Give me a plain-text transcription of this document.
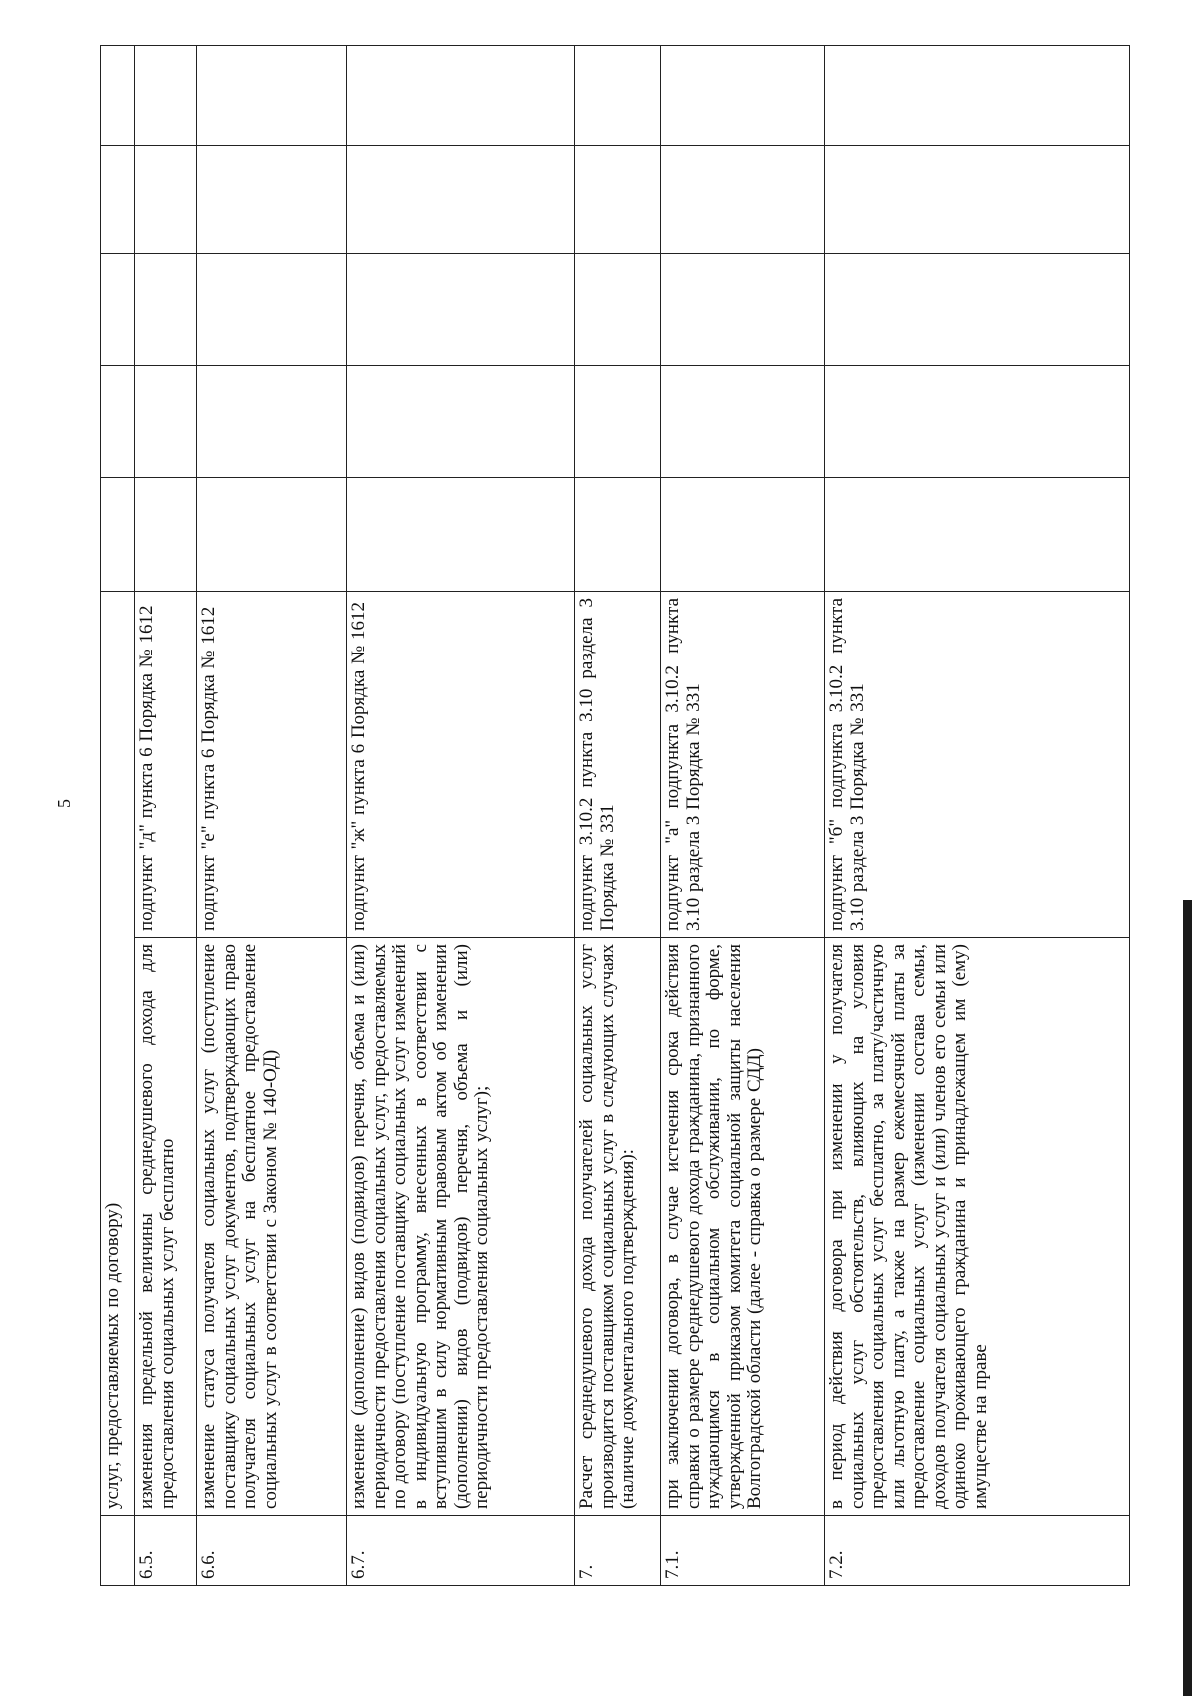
5
	услуг, предоставляемых по договору)						
6.5.	изменения предельной величины среднедушевого дохода для предоставления социальных услуг бесплатно	подпункт "д" пункта 6 Порядка № 1612					
6.6.	изменение статуса получателя социальных услуг (поступление поставщику социальных услуг документов, подтверждающих право получателя социальных услуг на бесплатное предоставление социальных услуг в соответствии с Законом № 140-ОД)	подпункт "е" пункта 6 Порядка № 1612					
6.7.	изменение (дополнение) видов (подвидов) перечня, объема и (или) периодичности предоставления социальных услуг, предоставляемых по договору (поступление поставщику социальных услуг изменений в индивидуальную программу, внесенных в соответствии с вступившим в силу нормативным правовым актом об изменении (дополнении) видов (подвидов) перечня, объема и (или) периодичности предоставления социальных услуг);	подпункт "ж" пункта 6 Порядка № 1612					
7.	Расчет среднедушевого дохода получателей социальных услуг производится поставщиком социальных услуг в следующих случаях (наличие документального подтверждения):	подпункт 3.10.2 пункта 3.10 раздела 3 Порядка № 331					
7.1.	при заключении договора, в случае истечения срока действия справки о размере среднедушевого дохода гражданина, признанного нуждающимся в социальном обслуживании, по форме, утвержденной приказом комитета социальной защиты населения Волгоградской области (далее - справка о размере СДД)	подпункт "а" подпункта 3.10.2 пункта 3.10 раздела 3 Порядка № 331					
7.2.	в период действия договора при изменении у получателя социальных услуг обстоятельств, влияющих на условия предоставления социальных услуг бесплатно, за плату/частичную или льготную плату, а также на размер ежемесячной платы за предоставление социальных услуг (изменении состава семьи, доходов получателя социальных услуг и (или) членов его семьи или одиноко проживающего гражданина и принадлежащем им (ему) имуществе на праве	подпункт "б" подпункта 3.10.2 пункта 3.10 раздела 3 Порядка № 331					
